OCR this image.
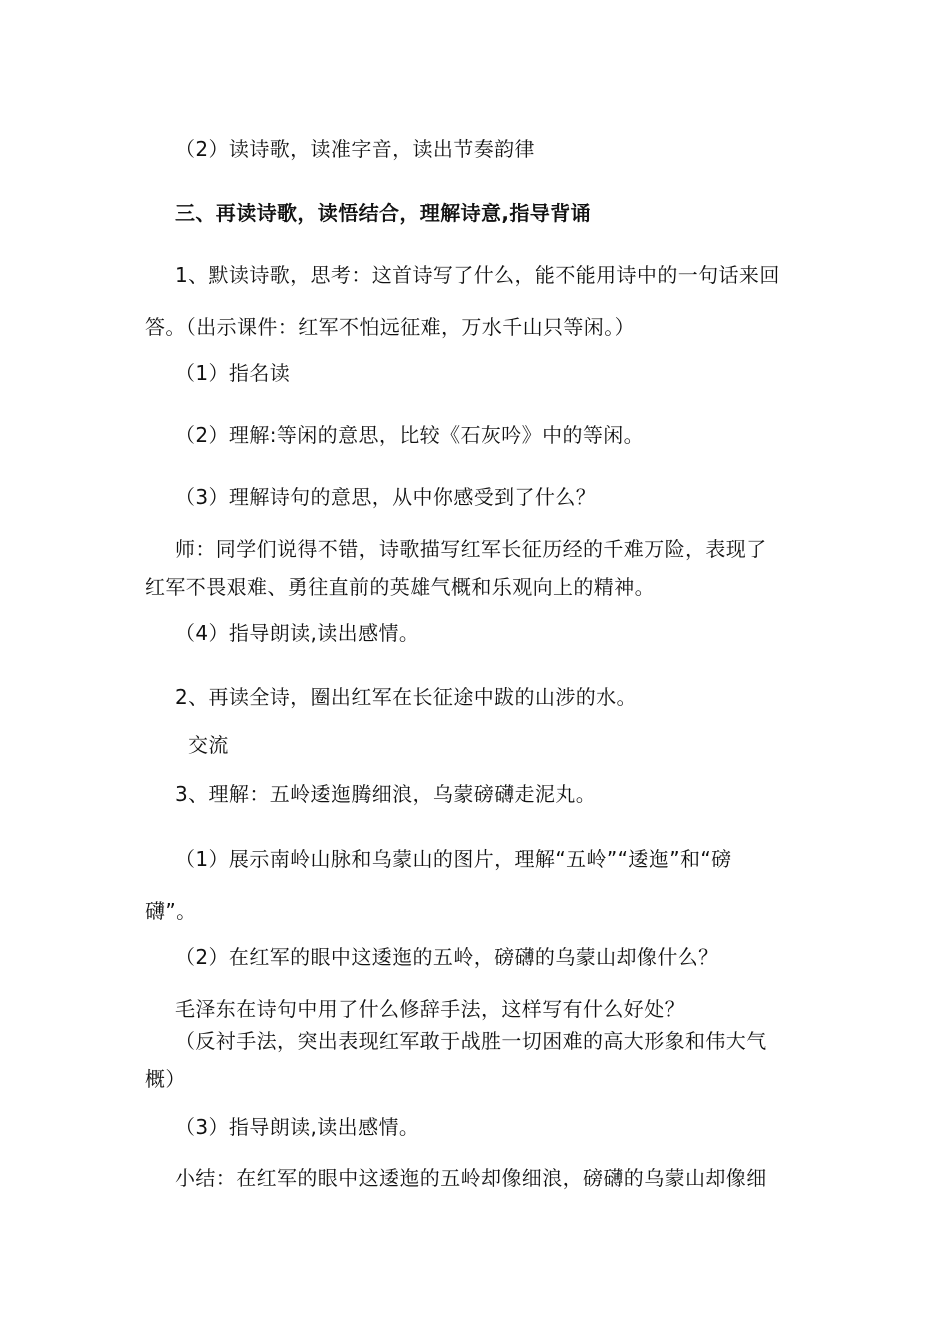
（2）读诗歌，读准字音，读出节奏韵律
三、再读诗歌，读悟结合，理解诗意,指导背诵
1、默读诗歌，思考：这首诗写了什么，能不能用诗中的一句话来回
答。（出示课件：红军不怕远征难，万水千山只等闲。）
（1）指名读
（2）理解:等闲的意思，比较《石灰吟》中的等闲。
（3）理解诗句的意思，从中你感受到了什么？
师：同学们说得不错，诗歌描写红军长征历经的千难万险，表现了
红军不畏艰难、勇往直前的英雄气概和乐观向上的精神。
（4）指导朗读,读出感情。
2、再读全诗，圈出红军在长征途中跋的山涉的水。
交流
3、理解：五岭逶迤腾细浪，乌蒙磅礴走泥丸。
（1）展示南岭山脉和乌蒙山的图片，理解“五岭”“逶迤”和“磅
礴”。
（2）在红军的眼中这逶迤的五岭，磅礴的乌蒙山却像什么？
毛泽东在诗句中用了什么修辞手法，这样写有什么好处？
（反衬手法，突出表现红军敢于战胜一切困难的高大形象和伟大气
概）
（3）指导朗读,读出感情。
小结：在红军的眼中这逶迤的五岭却像细浪，磅礴的乌蒙山却像细
